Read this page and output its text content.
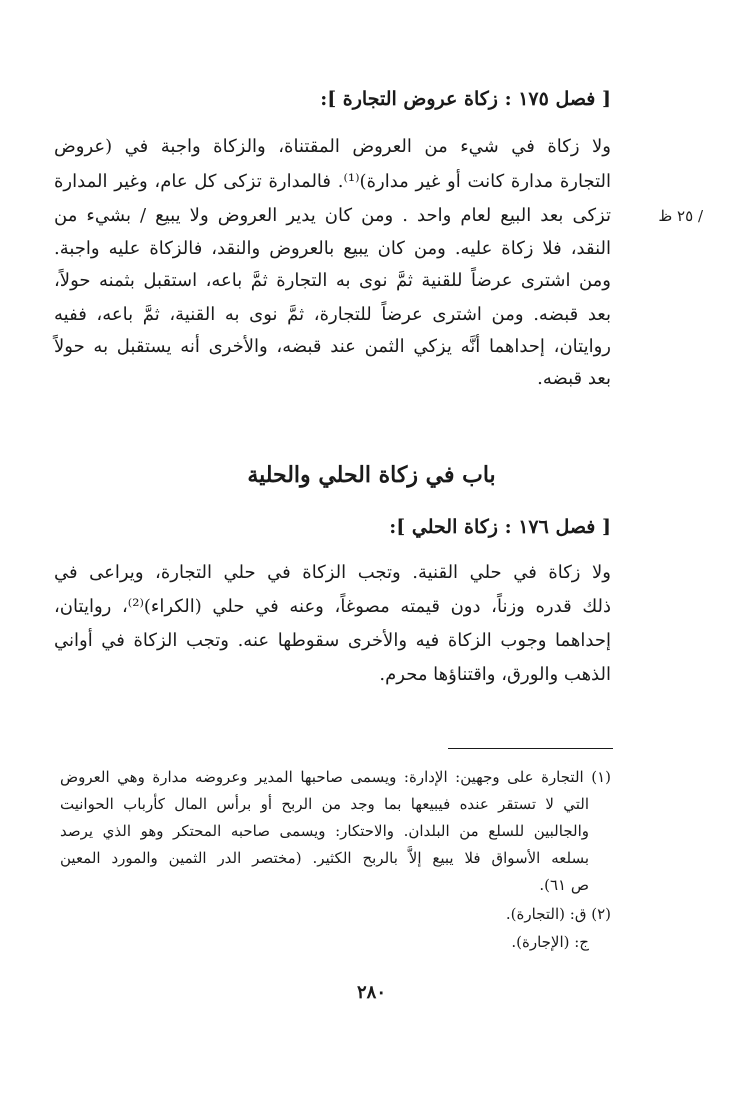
[ فصل ١٧٥ : زكاة عروض التجارة ]:
ولا زكاة في شيء من العروض المقتناة، والزكاة واجبة في (عروض
التجارة مدارة كانت أو غير مدارة)⁽¹⁾. فالمدارة تزكى كل عام، وغير المدارة
تزكى بعد البيع لعام واحد . ومن كان يدير العروض ولا يبيع / بشيء من	/ ٢٥ ظ
النقد، فلا زكاة عليه. ومن كان يبيع بالعروض والنقد، فالزكاة عليه واجبة.
ومن اشترى عرضاً للقنية ثمَّ نوى به التجارة ثمَّ باعه، استقبل بثمنه حولاً،
بعد قبضه. ومن اشترى عرضاً للتجارة، ثمَّ نوى به القنية، ثمَّ باعه، ففيه
روايتان، إحداهما أنَّه يزكي الثمن عند قبضه، والأخرى أنه يستقبل به حولاً
بعد قبضه.
باب في زكاة الحلي والحلية
[ فصل ١٧٦ : زكاة الحلي ]:
ولا زكاة في حلي القنية. وتجب الزكاة في حلي التجارة، ويراعى في
ذلك قدره وزناً، دون قيمته مصوغاً، وعنه في حلي (الكراء)⁽²⁾، روايتان،
إحداهما وجوب الزكاة فيه والأخرى سقوطها عنه. وتجب الزكاة في أواني
الذهب والورق، واقتناؤها محرم.
(١) التجارة على وجهين: الإدارة: ويسمى صاحبها المدير وعروضه مدارة وهي العروض
التي لا تستقر عنده فيبيعها بما وجد من الربح أو برأس المال كأرباب الحوانيت
والجالبين للسلع من البلدان. والاحتكار: ويسمى صاحبه المحتكر وهو الذي يرصد
بسلعه الأسواق فلا يبيع إلاَّ بالربح الكثير. (مختصر الدر الثمين والمورد المعين
ص ٦١).
(٢) ق: (التجارة).
ج: (الإجارة).
٢٨٠
